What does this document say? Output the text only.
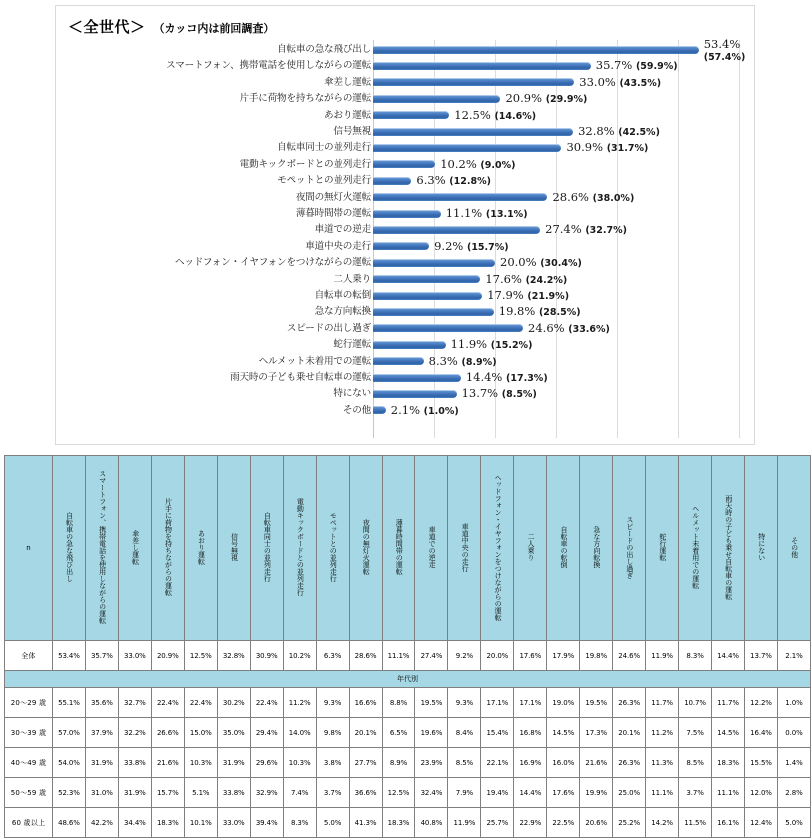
＜全世代＞ （カッコ内は前回調査）
自転車の急な飛び出し	53.4%
(57.4%)
スマートフォン、携帯電話を使用しながらの運転	35.7% (59.9%)
傘差し運転	33.0% (43.5%)
片手に荷物を持ちながらの運転	20.9% (29.9%)
あおり運転	12.5% (14.6%)
信号無視	32.8% (42.5%)
自転車同士の並列走行	30.9% (31.7%)
電動キックボードとの並列走行	10.2% (9.0%)
モペットとの並列走行	6.3% (12.8%)
夜間の無灯火運転	28.6% (38.0%)
薄暮時間帯の運転	11.1% (13.1%)
車道での逆走	27.4% (32.7%)
車道中央の走行	9.2% (15.7%)
ヘッドフォン・イヤフォンをつけながらの運転	20.0% (30.4%)
二人乗り	17.6% (24.2%)
自転車の転倒	17.9% (21.9%)
急な方向転換	19.8% (28.5%)
スピードの出し過ぎ	24.6% (33.6%)
蛇行運転	11.9% (15.2%)
ヘルメット未着用での運転	8.3% (8.9%)
雨天時の子ども乗せ自転車の運転	14.4% (17.3%)
特にない	13.7% (8.5%)
その他 2.1% (1.0%)
n	自転車の急な飛び出し	スマートフォン、携帯電話を使用しながらの運転	傘差し運転	片手に荷物を持ちながらの運転	あおり運転	信号無視	自転車同士の並列走行	電動キックボードとの並列走行	モペットとの並列走行	夜間の無灯火運転	薄暮時間帯の運転	車道での逆走	車道中央の走行	ヘッドフォン・イヤフォンをつけながらの運転	二人乗り	自転車の転倒	急な方向転換	スピードの出し過ぎ	蛇行運転	ヘルメット未着用での運転	雨天時の子ども乗せ自転車の運転	特にない	その他
全体	53.4%	35.7%	33.0%	20.9%	12.5%	32.8%	30.9%	10.2%	6.3%	28.6%	11.1%	27.4%	9.2%	20.0%	17.6%	17.9%	19.8%	24.6%	11.9%	8.3%	14.4%	13.7%	2.1%
年代別																							
20〜29 歳	55.1%	35.6%	32.7%	22.4%	22.4%	30.2%	22.4%	11.2%	9.3%	16.6%	8.8%	19.5%	9.3%	17.1%	17.1%	19.0%	19.5%	26.3%	11.7%	10.7%	11.7%	12.2%	1.0%
30〜39 歳	57.0%	37.9%	32.2%	26.6%	15.0%	35.0%	29.4%	14.0%	9.8%	20.1%	6.5%	19.6%	8.4%	15.4%	16.8%	14.5%	17.3%	20.1%	11.2%	7.5%	14.5%	16.4%	0.0%
40〜49 歳	54.0%	31.9%	33.8%	21.6%	10.3%	31.9%	29.6%	10.3%	3.8%	27.7%	8.9%	23.9%	8.5%	22.1%	16.9%	16.0%	21.6%	26.3%	11.3%	8.5%	18.3%	15.5%	1.4%
50〜59 歳	52.3%	31.0%	31.9%	15.7%	5.1%	33.8%	32.9%	7.4%	3.7%	36.6%	12.5%	32.4%	7.9%	19.4%	14.4%	17.6%	19.9%	25.0%	11.1%	3.7%	11.1%	12.0%	2.8%
60 歳以上	48.6%	42.2%	34.4%	18.3%	10.1%	33.0%	39.4%	8.3%	5.0%	41.3%	18.3%	40.8%	11.9%	25.7%	22.9%	22.5%	20.6%	25.2%	14.2%	11.5%	16.1%	12.4%	5.0%
